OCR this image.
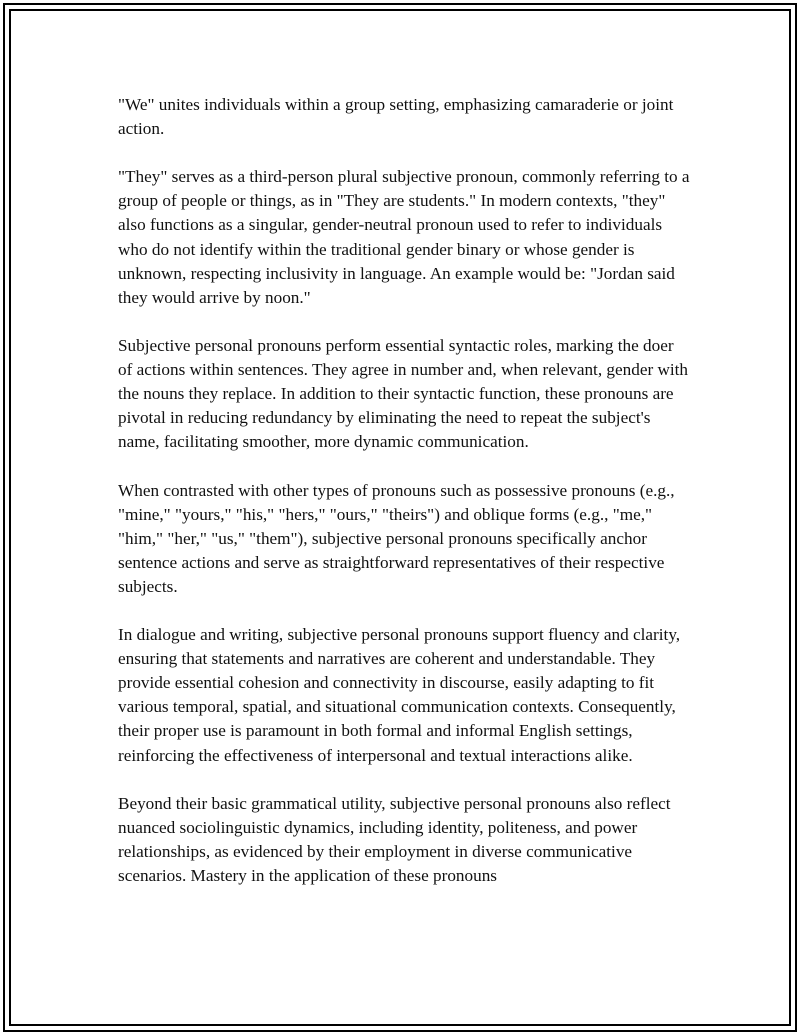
"We" unites individuals within a group setting, emphasizing camaraderie or joint action.

"They" serves as a third-person plural subjective pronoun, commonly referring to a group of people or things, as in "They are students." In modern contexts, "they" also functions as a singular, gender-neutral pronoun used to refer to individuals who do not identify within the traditional gender binary or whose gender is unknown, respecting inclusivity in language. An example would be: "Jordan said they would arrive by noon."

Subjective personal pronouns perform essential syntactic roles, marking the doer of actions within sentences. They agree in number and, when relevant, gender with the nouns they replace. In addition to their syntactic function, these pronouns are pivotal in reducing redundancy by eliminating the need to repeat the subject's name, facilitating smoother, more dynamic communication.

When contrasted with other types of pronouns such as possessive pronouns (e.g., "mine," "yours," "his," "hers," "ours," "theirs") and oblique forms (e.g., "me," "him," "her," "us," "them"), subjective personal pronouns specifically anchor sentence actions and serve as straightforward representatives of their respective subjects.

In dialogue and writing, subjective personal pronouns support fluency and clarity, ensuring that statements and narratives are coherent and understandable. They provide essential cohesion and connectivity in discourse, easily adapting to fit various temporal, spatial, and situational communication contexts. Consequently, their proper use is paramount in both formal and informal English settings, reinforcing the effectiveness of interpersonal and textual interactions alike.

Beyond their basic grammatical utility, subjective personal pronouns also reflect nuanced sociolinguistic dynamics, including identity, politeness, and power relationships, as evidenced by their employment in diverse communicative scenarios. Mastery in the application of these pronouns
